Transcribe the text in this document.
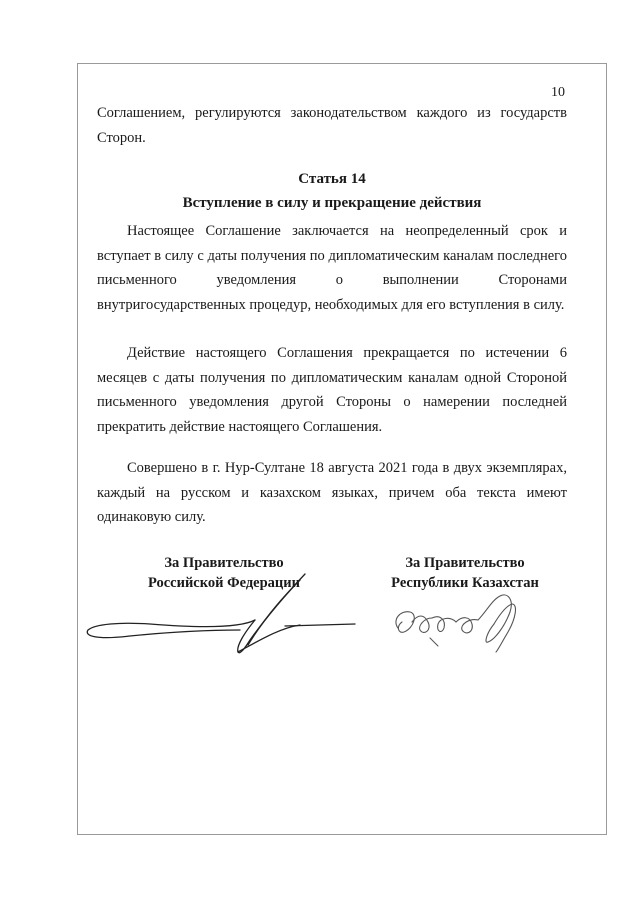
10
Соглашением, регулируются законодательством каждого из государств Сторон.
Статья 14
Вступление в силу и прекращение действия
Настоящее Соглашение заключается на неопределенный срок и вступает в силу с даты получения по дипломатическим каналам последнего письменного уведомления о выполнении Сторонами внутригосударственных процедур, необходимых для его вступления в силу.
Действие настоящего Соглашения прекращается по истечении 6 месяцев с даты получения по дипломатическим каналам одной Стороной письменного уведомления другой Стороны о намерении последней прекратить действие настоящего Соглашения.
Совершено в г. Нур-Султане 18 августа 2021 года в двух экземплярах, каждый на русском и казахском языках, причем оба текста имеют одинаковую силу.
За Правительство
Российской Федерации
За Правительство
Республики Казахстан
